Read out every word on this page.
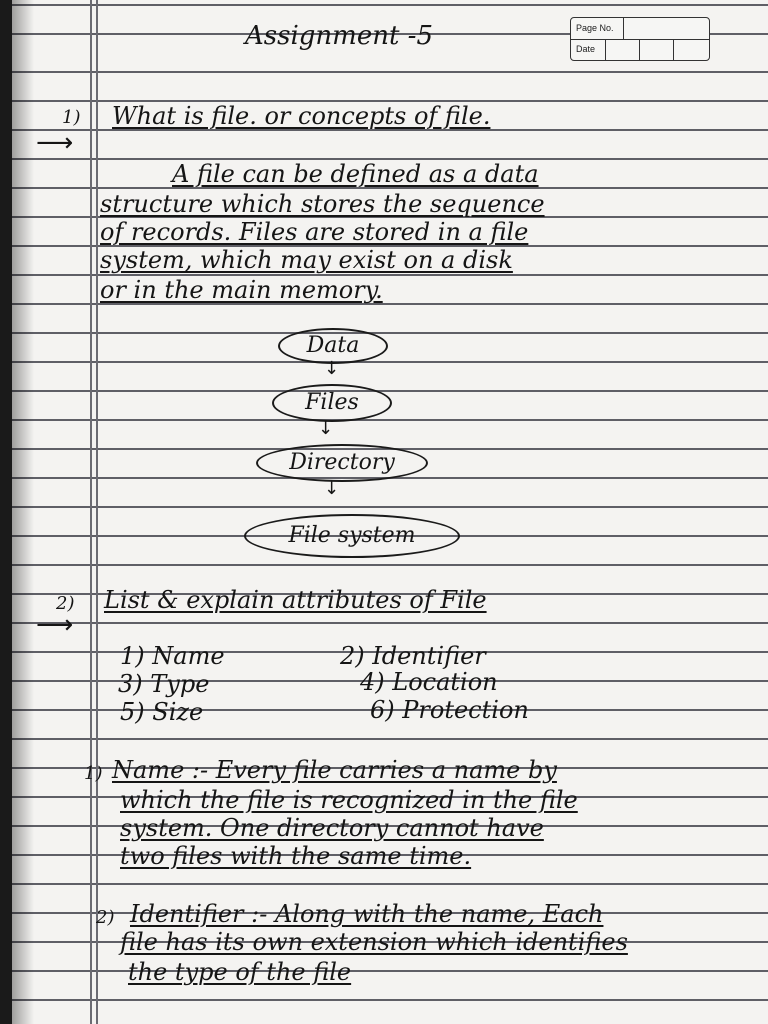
Assignment -5	Page No.
Date
1) What is file. or concepts of file.
⟶
A file can be defined as a data
structure which stores the sequence
of records. Files are stored in a file
system, which may exist on a disk
or in the main memory.
Data
↓
Files
↓
Directory
↓
File system
2) List & explain attributes of File
⟶
1) Name	2) Identifier
3) Type	4) Location
5) Size	6) Protection
1) Name :- Every file carries a name by
which the file is recognized in the file
system. One directory cannot have
two files with the same time.
2) Identifier :- Along with the name, Each
file has its own extension which identifies
the type of the file
